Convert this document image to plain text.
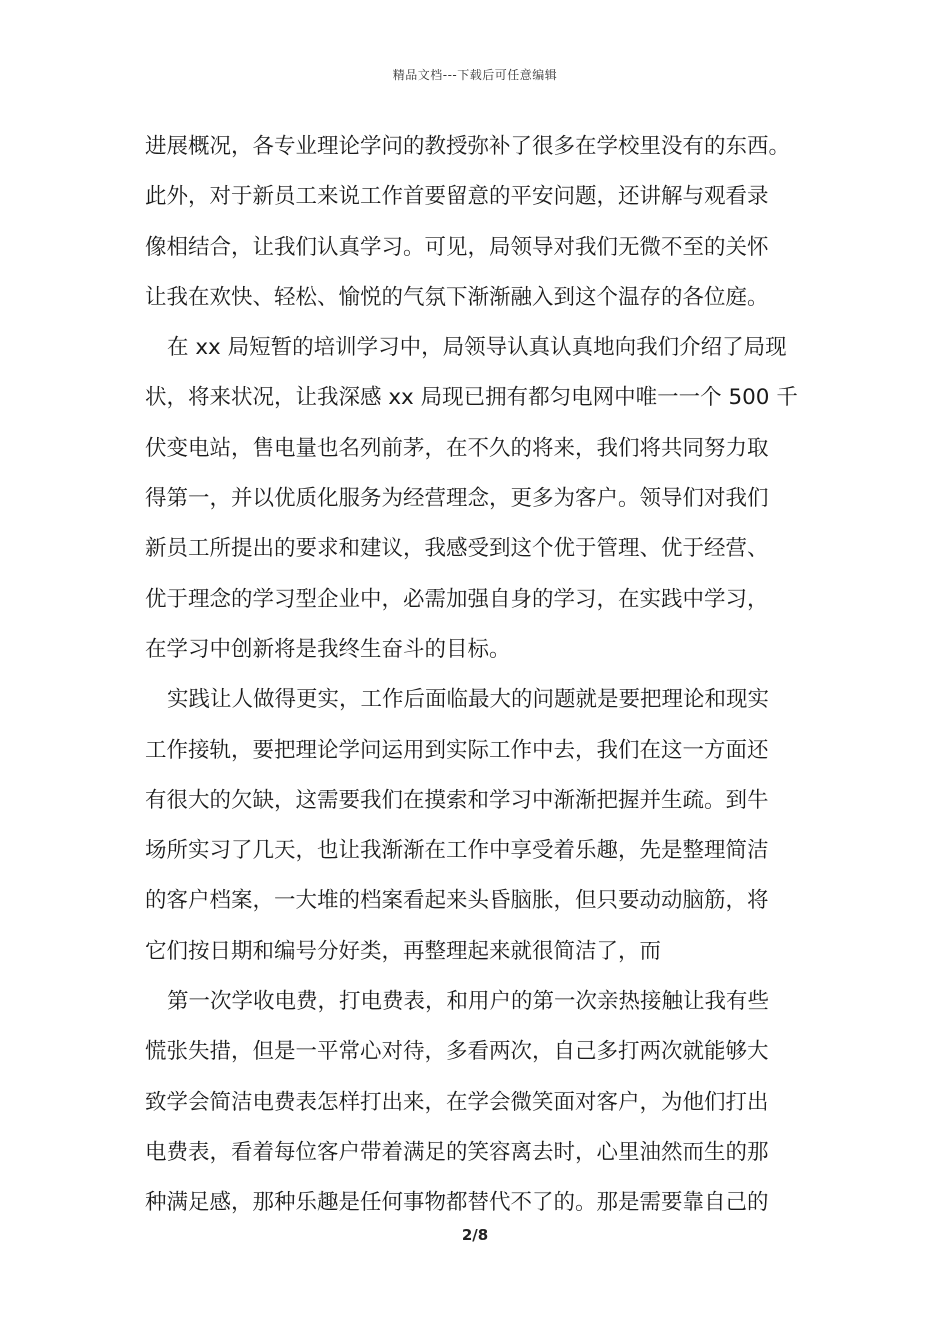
精品文档---下载后可任意编辑
进展概况，各专业理论学问的教授弥补了很多在学校里没有的东西。
此外，对于新员工来说工作首要留意的平安问题，还讲解与观看录
像相结合，让我们认真学习。可见，局领导对我们无微不至的关怀
让我在欢快、轻松、愉悦的气氛下渐渐融入到这个温存的各位庭。
在 xx 局短暂的培训学习中，局领导认真认真地向我们介绍了局现
状，将来状况，让我深感 xx 局现已拥有都匀电网中唯一一个 500 千
伏变电站，售电量也名列前茅，在不久的将来，我们将共同努力取
得第一，并以优质化服务为经营理念，更多为客户。领导们对我们
新员工所提出的要求和建议，我感受到这个优于管理、优于经营、
优于理念的学习型企业中，必需加强自身的学习，在实践中学习，
在学习中创新将是我终生奋斗的目标。
实践让人做得更实，工作后面临最大的问题就是要把理论和现实
工作接轨，要把理论学问运用到实际工作中去，我们在这一方面还
有很大的欠缺，这需要我们在摸索和学习中渐渐把握并生疏。到牛
场所实习了几天，也让我渐渐在工作中享受着乐趣，先是整理简洁
的客户档案，一大堆的档案看起来头昏脑胀，但只要动动脑筋，将
它们按日期和编号分好类，再整理起来就很简洁了，而
第一次学收电费，打电费表，和用户的第一次亲热接触让我有些
慌张失措，但是一平常心对待，多看两次，自己多打两次就能够大
致学会简洁电费表怎样打出来，在学会微笑面对客户，为他们打出
电费表，看着每位客户带着满足的笑容离去时，心里油然而生的那
种满足感，那种乐趣是任何事物都替代不了的。那是需要靠自己的
2/8
